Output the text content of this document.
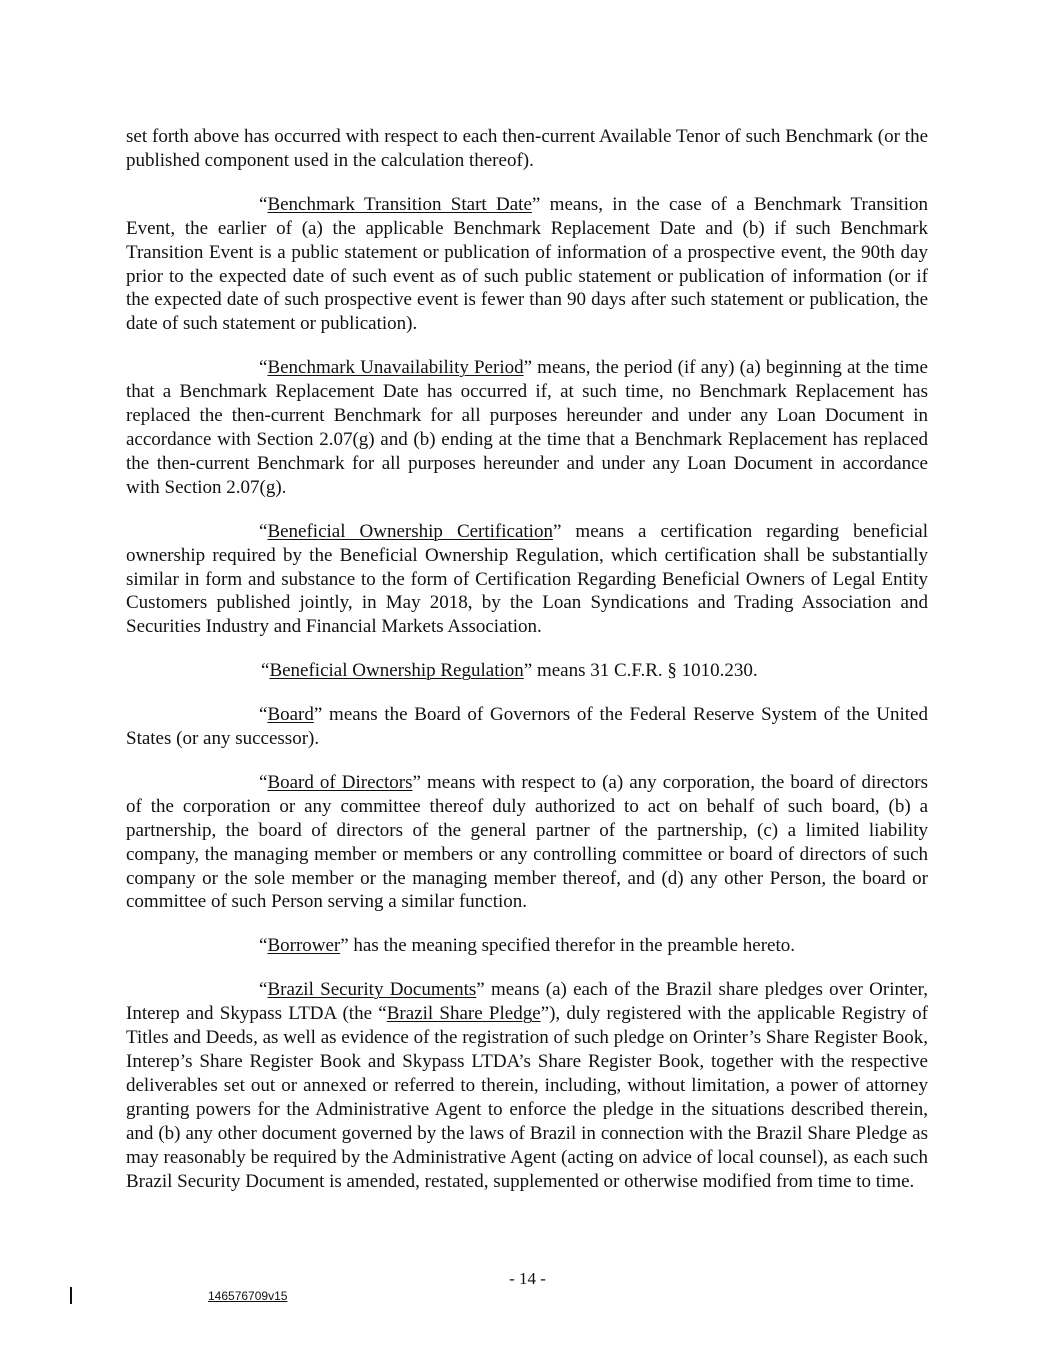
set forth above has occurred with respect to each then-current Available Tenor of such Benchmark (or the published component used in the calculation thereof).

“Benchmark Transition Start Date” means, in the case of a Benchmark Transition Event, the earlier of (a) the applicable Benchmark Replacement Date and (b) if such Benchmark Transition Event is a public statement or publication of information of a prospective event, the 90th day prior to the expected date of such event as of such public statement or publication of information (or if the expected date of such prospective event is fewer than 90 days after such statement or publication, the date of such statement or publication).

“Benchmark Unavailability Period” means, the period (if any) (a) beginning at the time that a Benchmark Replacement Date has occurred if, at such time, no Benchmark Replacement has replaced the then-current Benchmark for all purposes hereunder and under any Loan Document in accordance with Section 2.07(g) and (b) ending at the time that a Benchmark Replacement has replaced the then-current Benchmark for all purposes hereunder and under any Loan Document in accordance with Section 2.07(g).

“Beneficial Ownership Certification” means a certification regarding beneficial ownership required by the Beneficial Ownership Regulation, which certification shall be substantially similar in form and substance to the form of Certification Regarding Beneficial Owners of Legal Entity Customers published jointly, in May 2018, by the Loan Syndications and Trading Association and Securities Industry and Financial Markets Association.

“Beneficial Ownership Regulation” means 31 C.F.R. § 1010.230.

“Board” means the Board of Governors of the Federal Reserve System of the United States (or any successor).

“Board of Directors” means with respect to (a) any corporation, the board of directors of the corporation or any committee thereof duly authorized to act on behalf of such board, (b) a partnership, the board of directors of the general partner of the partnership, (c) a limited liability company, the managing member or members or any controlling committee or board of directors of such company or the sole member or the managing member thereof, and (d) any other Person, the board or committee of such Person serving a similar function.

“Borrower” has the meaning specified therefor in the preamble hereto.

“Brazil Security Documents” means (a) each of the Brazil share pledges over Orinter, Interep and Skypass LTDA (the “Brazil Share Pledge”), duly registered with the applicable Registry of Titles and Deeds, as well as evidence of the registration of such pledge on Orinter’s Share Register Book, Interep’s Share Register Book and Skypass LTDA’s Share Register Book, together with the respective deliverables set out or annexed or referred to therein, including, without limitation, a power of attorney granting powers for the Administrative Agent to enforce the pledge in the situations described therein, and (b) any other document governed by the laws of Brazil in connection with the Brazil Share Pledge as may reasonably be required by the Administrative Agent (acting on advice of local counsel), as each such Brazil Security Document is amended, restated, supplemented or otherwise modified from time to time.

- 14 -
146576709v15
